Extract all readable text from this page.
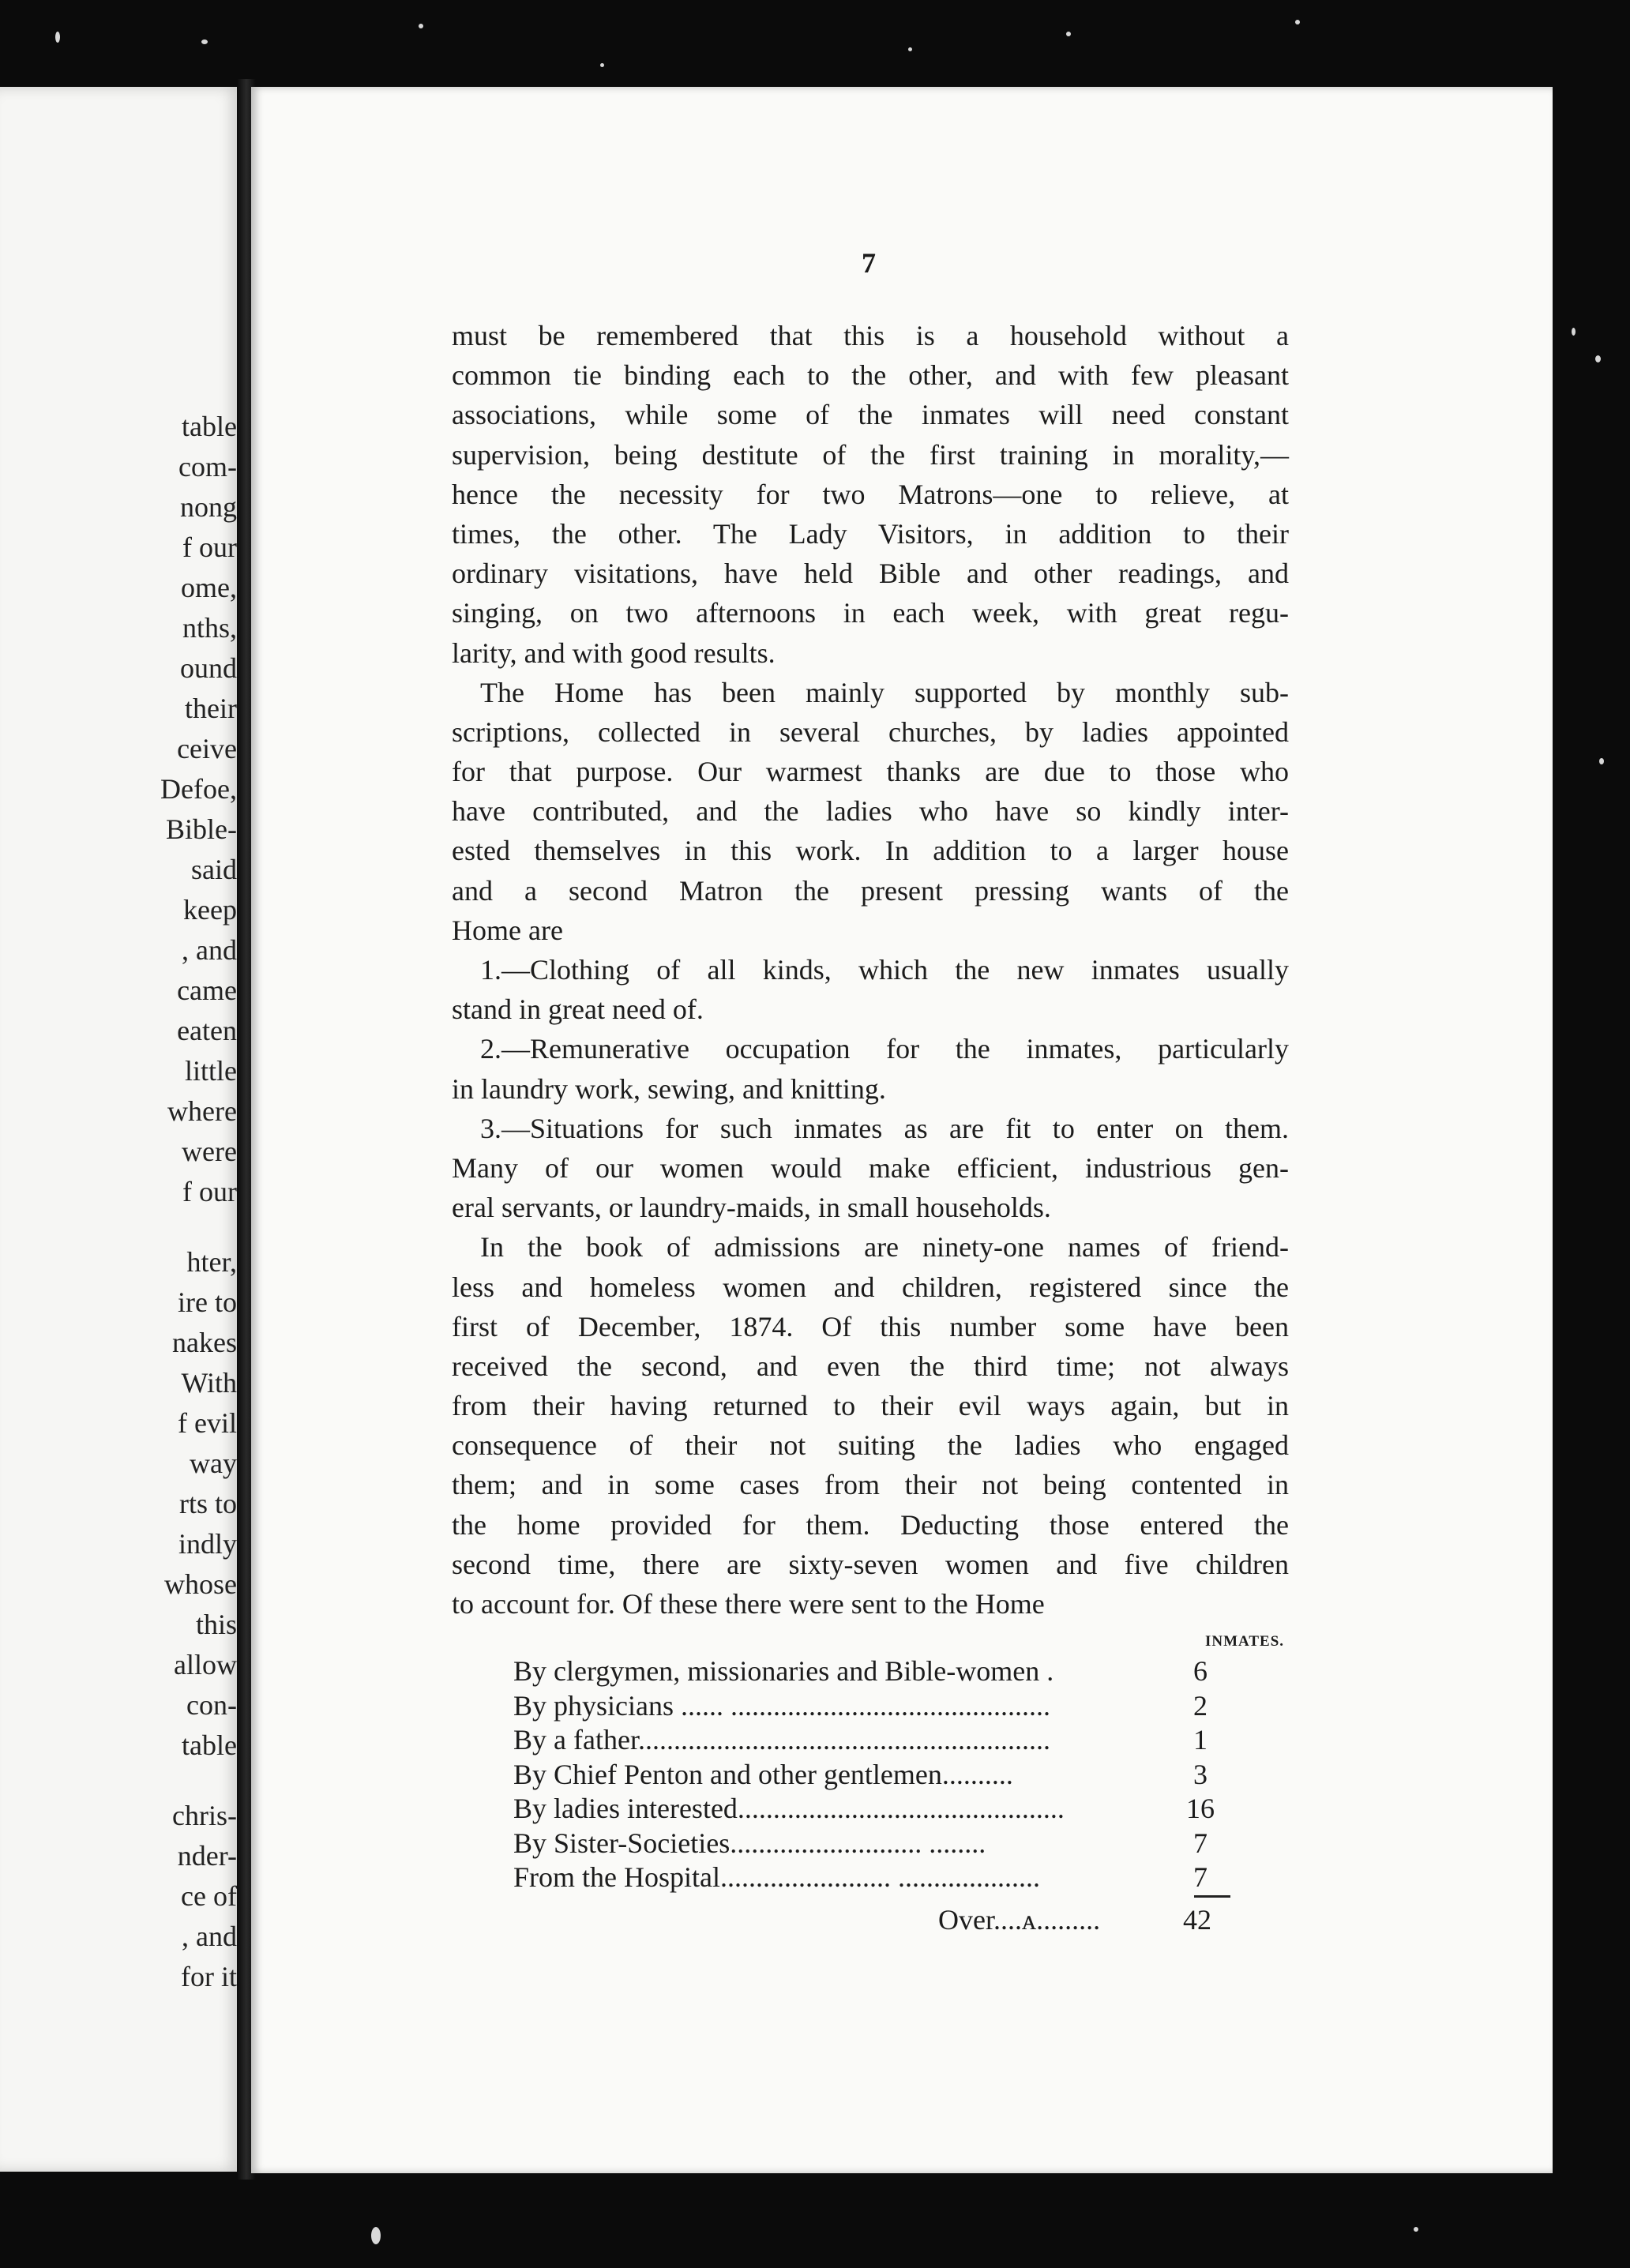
table
com-
nong
f our
ome,
nths,
ound
their
ceive
Defoe,
Bible-
said
keep
, and
came
eaten
little
where
were
f our
hter,
ire to
nakes
With
f evil
way
rts to
indly
whose
this
allow
con-
table
chris-
nder-
ce of
, and
for it
7
must be remembered that this is a household without a
common tie binding each to the other, and with few pleasant
associations, while some of the inmates will need constant
supervision, being destitute of the first training in morality,—
hence the necessity for two Matrons—one to relieve, at
times, the other. The Lady Visitors, in addition to their
ordinary visitations, have held Bible and other readings, and
singing, on two afternoons in each week, with great regu-
larity, and with good results.
The Home has been mainly supported by monthly sub-
scriptions, collected in several churches, by ladies appointed
for that purpose. Our warmest thanks are due to those who
have contributed, and the ladies who have so kindly inter-
ested themselves in this work. In addition to a larger house
and a second Matron the present pressing wants of the
Home are
1.—Clothing of all kinds, which the new inmates usually
stand in great need of.
2.—Remunerative occupation for the inmates, particularly
in laundry work, sewing, and knitting.
3.—Situations for such inmates as are fit to enter on them.
Many of our women would make efficient, industrious gen-
eral servants, or laundry-maids, in small households.
In the book of admissions are ninety-one names of friend-
less and homeless women and children, registered since the
first of December, 1874. Of this number some have been
received the second, and even the third time; not always
from their having returned to their evil ways again, but in
consequence of their not suiting the ladies who engaged
them; and in some cases from their not being contented in
the home provided for them. Deducting those entered the
second time, there are sixty-seven women and five children
to account for. Of these there were sent to the Home
INMATES.
By clergymen, missionaries and Bible-women .	6
By physicians ...... .............................................	2
By a father..........................................................	1
By Chief Penton and other gentlemen..........	3
By ladies interested..............................................	16
By Sister-Societies........................... ........	7
From the Hospital........................ ....................	7
Over....ᴀ.........	42
